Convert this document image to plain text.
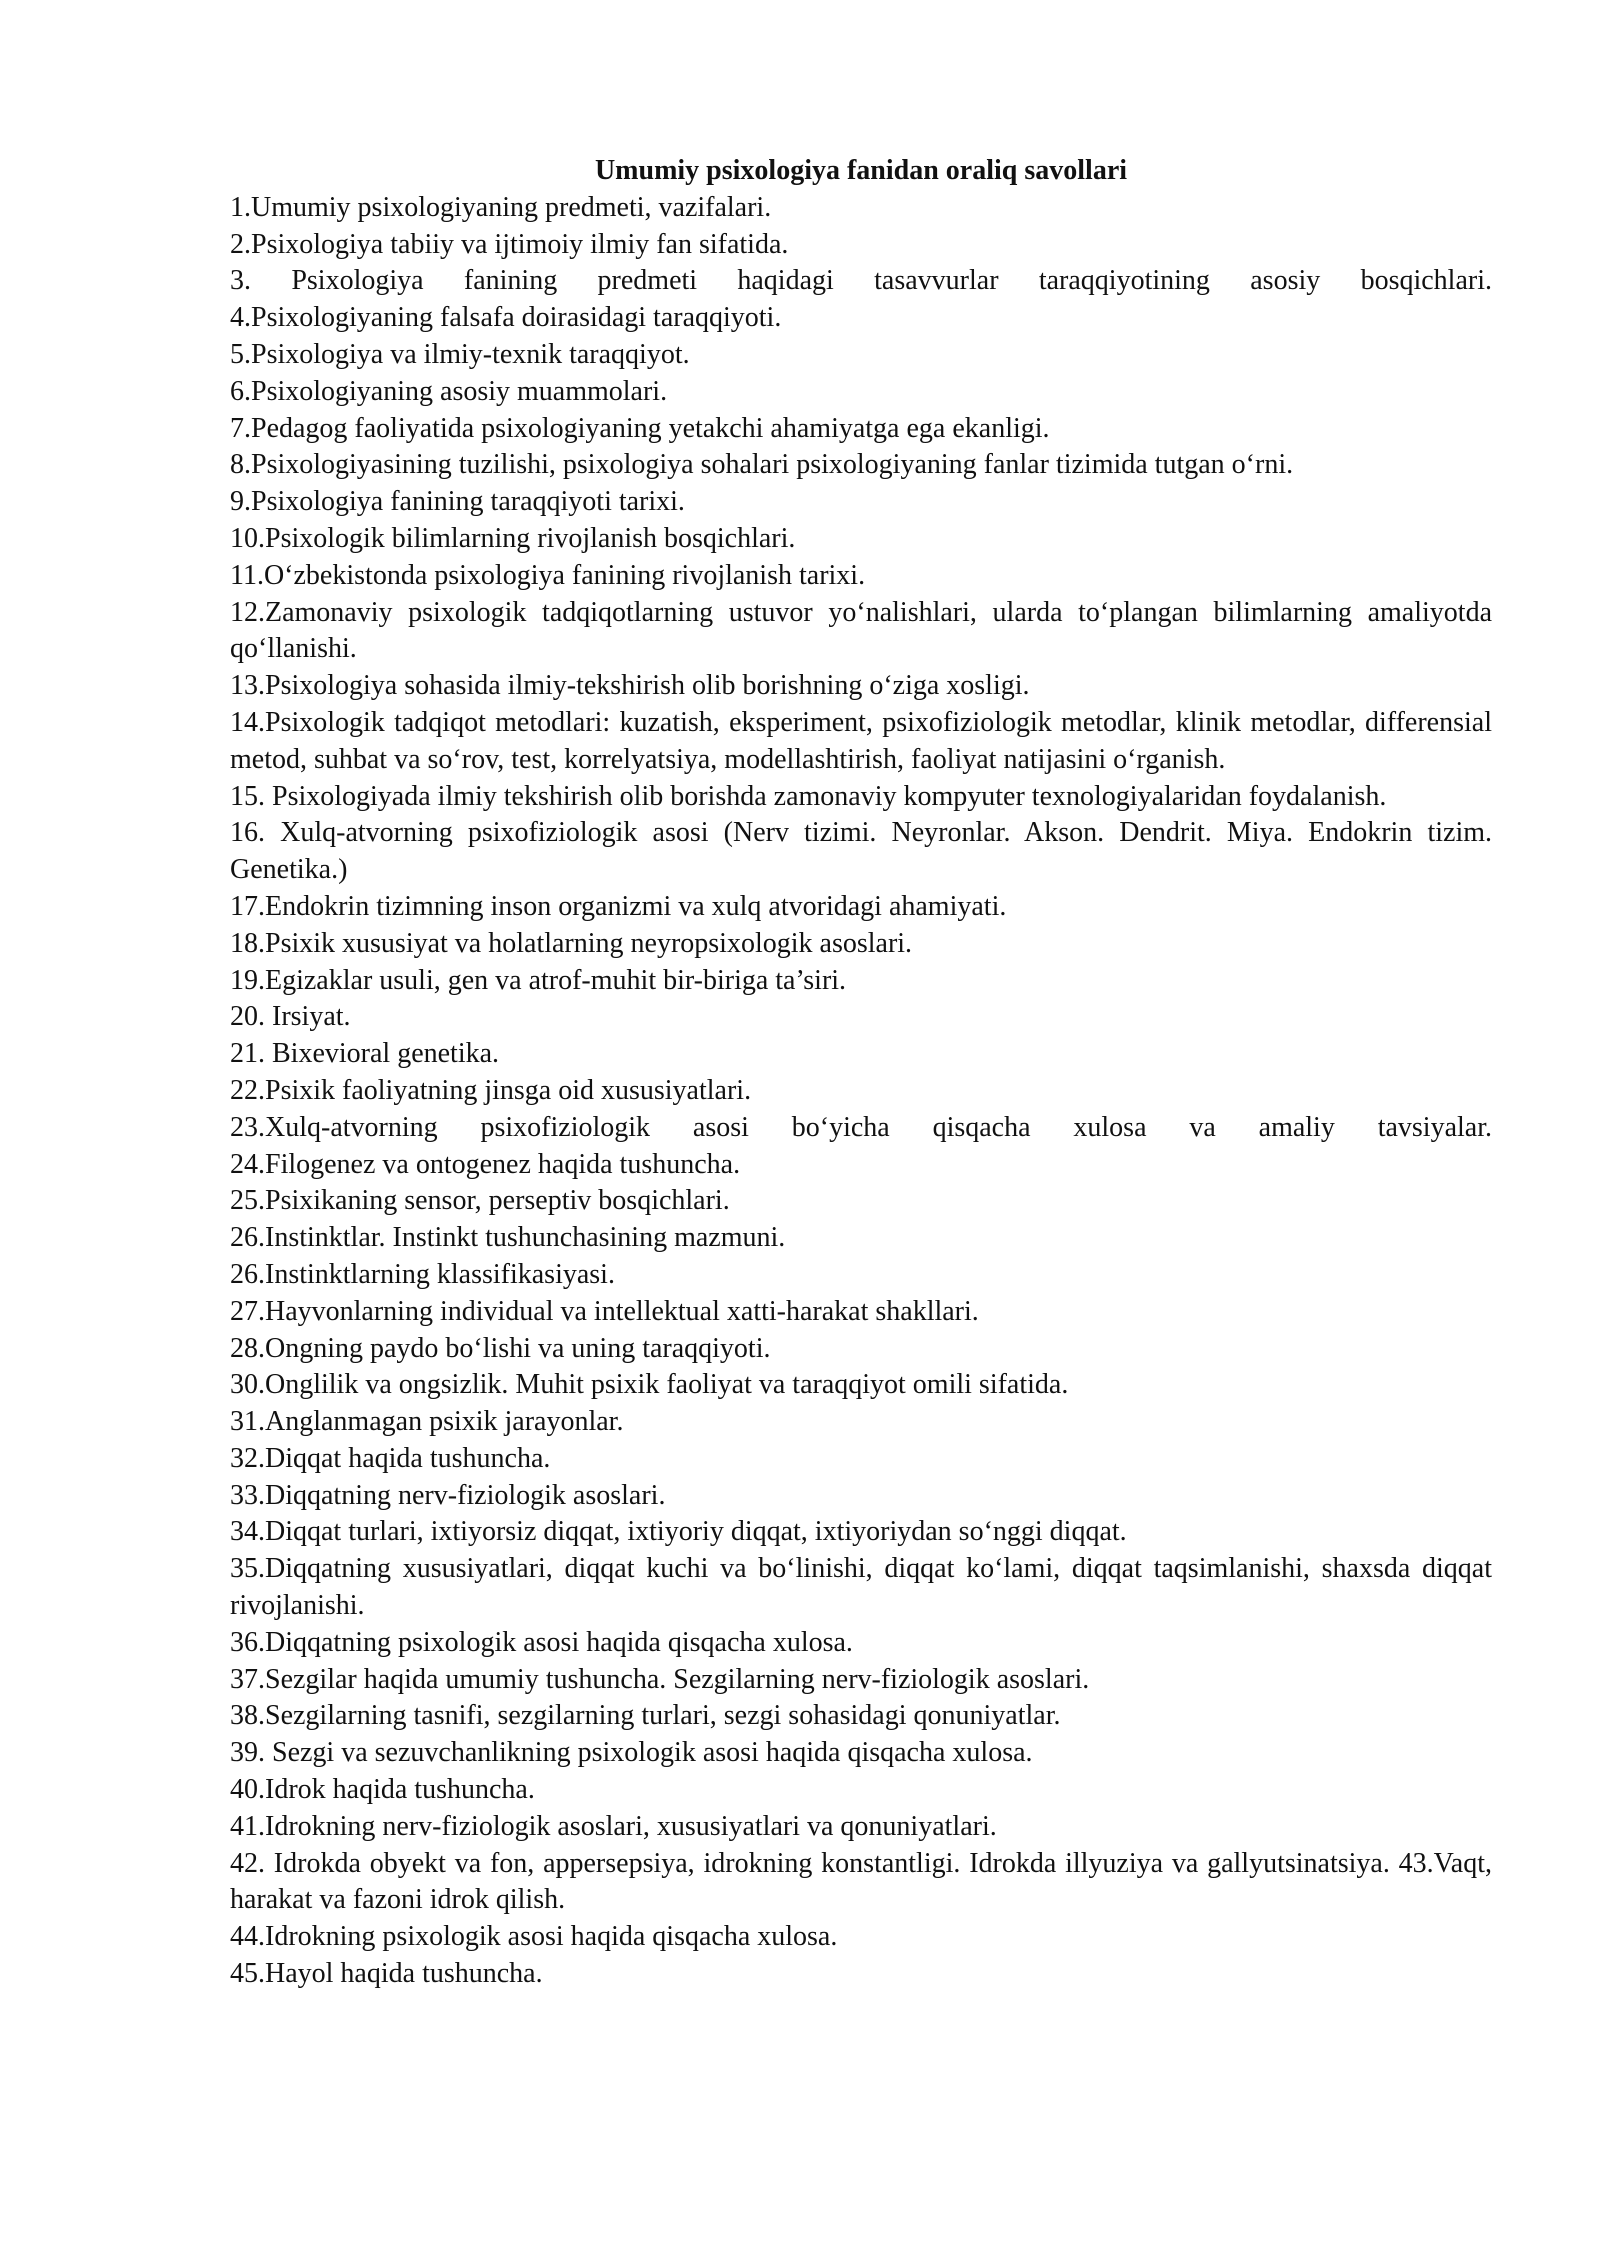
Umumiy psixologiya fanidan oraliq savollari

1.Umumiy psixologiyaning predmeti, vazifalari.

2.Psixologiya tabiiy va ijtimoiy ilmiy fan sifatida.

3. Psixologiya fanining predmeti haqidagi tasavvurlar taraqqiyotining asosiy bosqichlari.

4.Psixologiyaning falsafa doirasidagi taraqqiyoti.

5.Psixologiya va ilmiy-texnik taraqqiyot.

6.Psixologiyaning asosiy muammolari.

7.Pedagog faoliyatida psixologiyaning yetakchi ahamiyatga ega ekanligi.

8.Psixologiyasining tuzilishi, psixologiya sohalari psixologiyaning fanlar tizimida tutgan o‘rni.

9.Psixologiya fanining taraqqiyoti tarixi.

10.Psixologik bilimlarning rivojlanish bosqichlari.

11.O‘zbekistonda psixologiya fanining rivojlanish tarixi.

12.Zamonaviy psixologik tadqiqotlarning ustuvor yo‘nalishlari, ularda to‘plangan bilimlarning amaliyotda qo‘llanishi.

13.Psixologiya sohasida ilmiy-tekshirish olib borishning o‘ziga xosligi.

14.Psixologik tadqiqot metodlari: kuzatish, eksperiment, psixofiziologik metodlar, klinik metodlar, differensial metod, suhbat va so‘rov, test, korrelyatsiya, modellashtirish, faoliyat natijasini o‘rganish.

15. Psixologiyada ilmiy tekshirish olib borishda zamonaviy kompyuter texnologiyalaridan foydalanish.

16. Xulq-atvorning psixofiziologik asosi (Nerv tizimi. Neyronlar. Akson. Dendrit. Miya. Endokrin tizim. Genetika.)

17.Endokrin tizimning inson organizmi va xulq atvoridagi ahamiyati.

18.Psixik xususiyat va holatlarning neyropsixologik asoslari.

19.Egizaklar usuli, gen va atrof-muhit bir-biriga ta’siri.

20. Irsiyat.

21. Bixevioral genetika.

22.Psixik faoliyatning jinsga oid xususiyatlari.

23.Xulq-atvorning psixofiziologik asosi bo‘yicha qisqacha xulosa va amaliy tavsiyalar.

24.Filogenez va ontogenez haqida tushuncha.

25.Psixikaning sensor, perseptiv bosqichlari.

26.Instinktlar. Instinkt tushunchasining mazmuni.

26.Instinktlarning klassifikasiyasi.

27.Hayvonlarning individual va intellektual xatti-harakat shakllari.

28.Ongning paydo bo‘lishi va uning taraqqiyoti.

30.Onglilik va ongsizlik. Muhit psixik faoliyat va taraqqiyot omili sifatida.

31.Anglanmagan psixik jarayonlar.

32.Diqqat haqida tushuncha.

33.Diqqatning nerv-fiziologik asoslari.

34.Diqqat turlari, ixtiyorsiz diqqat, ixtiyoriy diqqat, ixtiyoriydan so‘nggi diqqat.

35.Diqqatning xususiyatlari, diqqat kuchi va bo‘linishi, diqqat ko‘lami, diqqat taqsimlanishi, shaxsda diqqat rivojlanishi.

36.Diqqatning psixologik asosi haqida qisqacha xulosa.

37.Sezgilar haqida umumiy tushuncha. Sezgilarning nerv-fiziologik asoslari.

38.Sezgilarning tasnifi, sezgilarning turlari, sezgi sohasidagi qonuniyatlar.

39. Sezgi va sezuvchanlikning psixologik asosi haqida qisqacha xulosa.

40.Idrok haqida tushuncha.

41.Idrokning nerv-fiziologik asoslari, xususiyatlari va qonuniyatlari.

42. Idrokda obyekt va fon, appersepsiya, idrokning konstantligi. Idrokda illyuziya va gallyutsinatsiya. 43.Vaqt, harakat va fazoni idrok qilish.

44.Idrokning psixologik asosi haqida qisqacha xulosa.

45.Hayol haqida tushuncha.
